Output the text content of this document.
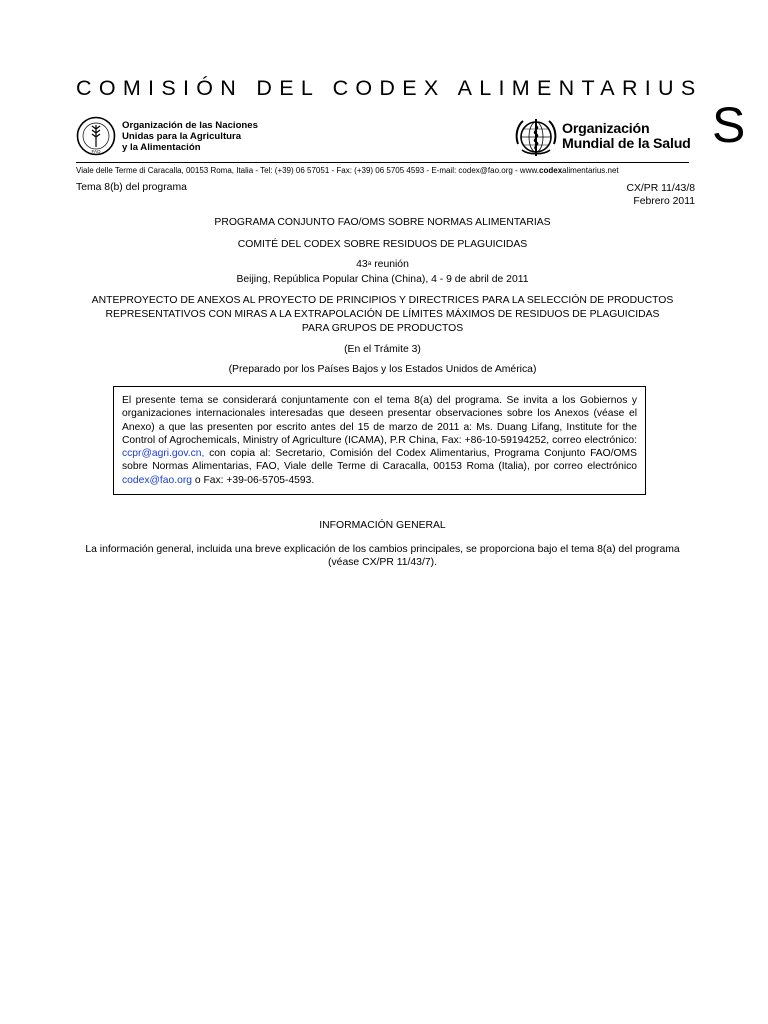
COMISIÓN DEL CODEX ALIMENTARIUS
S
FAO
Organización de las Naciones
Unidas para la Agricultura
y la Alimentación
Organización
Mundial de la Salud
Viale delle Terme di Caracalla, 00153 Roma, Italia - Tel: (+39) 06 57051 - Fax: (+39) 06 5705 4593 - E-mail: codex@fao.org - www.codexalimentarius.net
Tema 8(b) del programa	CX/PR 11/43/8
Febrero 2011
PROGRAMA CONJUNTO FAO/OMS SOBRE NORMAS ALIMENTARIAS
COMITÉ DEL CODEX SOBRE RESIDUOS DE PLAGUICIDAS
43$^a$ reunión
Beijing, República Popular China (China), 4 - 9 de abril de 2011
ANTEPROYECTO DE ANEXOS AL PROYECTO DE PRINCIPIOS Y DIRECTRICES PARA LA SELECCIÓN DE PRODUCTOS
REPRESENTATIVOS CON MIRAS A LA EXTRAPOLACIÓN DE LÍMITES MÁXIMOS DE RESIDUOS DE PLAGUICIDAS
PARA GRUPOS DE PRODUCTOS
(En el Trámite 3)
(Preparado por los Países Bajos y los Estados Unidos de América)
El presente tema se considerará conjuntamente con el tema 8(a) del programa. Se invita a los Gobiernos y organizaciones internacionales interesadas que deseen presentar observaciones sobre los Anexos (véase el Anexo) a que las presenten por escrito antes del 15 de marzo de 2011 a: Ms. Duang Lifang, Institute for the Control of Agrochemicals, Ministry of Agriculture (ICAMA), P.R China, Fax: +86-10-59194252, correo electrónico: ccpr@agri.gov.cn, con copia al: Secretario, Comisión del Codex Alimentarius, Programa Conjunto FAO/OMS sobre Normas Alimentarias, FAO, Viale delle Terme di Caracalla, 00153 Roma (Italia), por correo electrónico codex@fao.org o Fax: +39-06-5705-4593.
INFORMACIÓN GENERAL
La información general, incluida una breve explicación de los cambios principales, se proporciona bajo el tema 8(a) del programa
(véase CX/PR 11/43/7).
